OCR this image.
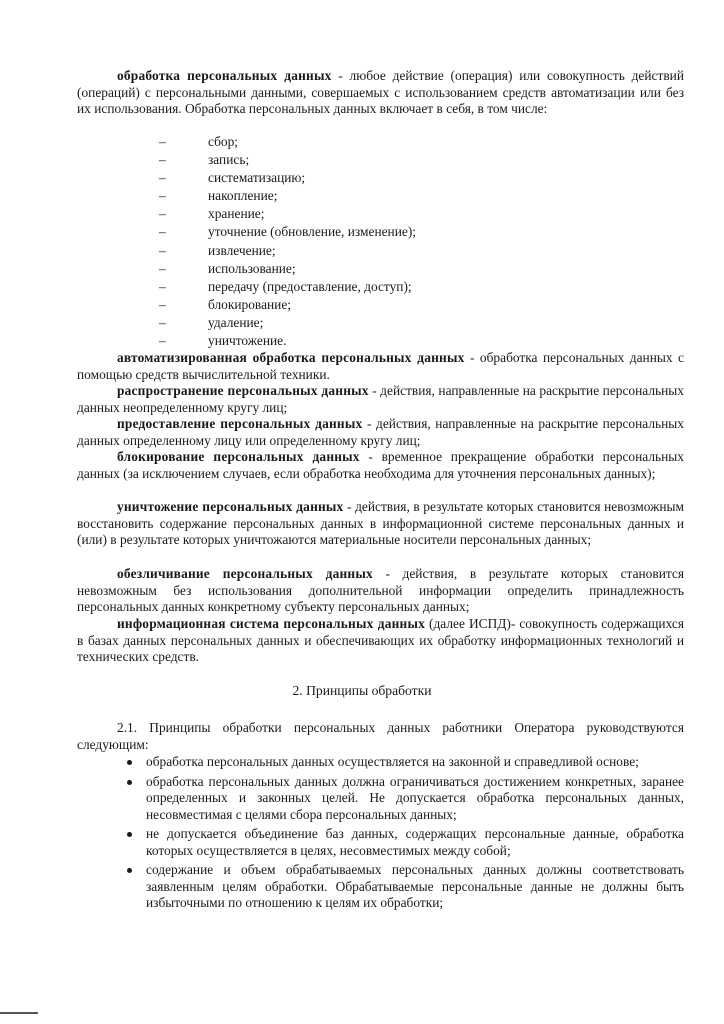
обработка персональных данных - любое действие (операция) или совокупность действий (операций) с персональными данными, совершаемых с использованием средств автоматизации или без их использования. Обработка персональных данных включает в себя, в том числе:

–	сбор;
–	запись;
–	систематизацию;
–	накопление;
–	хранение;
–	уточнение (обновление, изменение);
–	извлечение;
–	использование;
–	передачу (предоставление, доступ);
–	блокирование;
–	удаление;
–	уничтожение.

автоматизированная обработка персональных данных - обработка персональных данных с помощью средств вычислительной техники.

распространение персональных данных - действия, направленные на раскрытие персональных данных неопределенному кругу лиц;

предоставление персональных данных - действия, направленные на раскрытие персональных данных определенному лицу или определенному кругу лиц;

блокирование персональных данных - временное прекращение обработки персональных данных (за исключением случаев, если обработка необходима для уточнения персональных данных);

уничтожение персональных данных - действия, в результате которых становится невозможным восстановить содержание персональных данных в информационной системе персональных данных и (или) в результате которых уничтожаются материальные носители персональных данных;

обезличивание персональных данных - действия, в результате которых становится невозможным без использования дополнительной информации определить принадлежность персональных данных конкретному субъекту персональных данных;

информационная система персональных данных (далее ИСПД)- совокупность содержащихся в базах данных персональных данных и обеспечивающих их обработку информационных технологий и технических средств.

2. Принципы обработки

2.1. Принципы обработки персональных данных работники Оператора руководствуются следующим:

обработка персональных данных осуществляется на законной и справедливой основе;
обработка персональных данных должна ограничиваться достижением конкретных, заранее определенных и законных целей. Не допускается обработка персональных данных, несовместимая с целями сбора персональных данных;
не допускается объединение баз данных, содержащих персональные данные, обработка которых осуществляется в целях, несовместимых между собой;
содержание и объем обрабатываемых персональных данных должны соответствовать заявленным целям обработки. Обрабатываемые персональные данные не должны быть избыточными по отношению к целям их обработки;
